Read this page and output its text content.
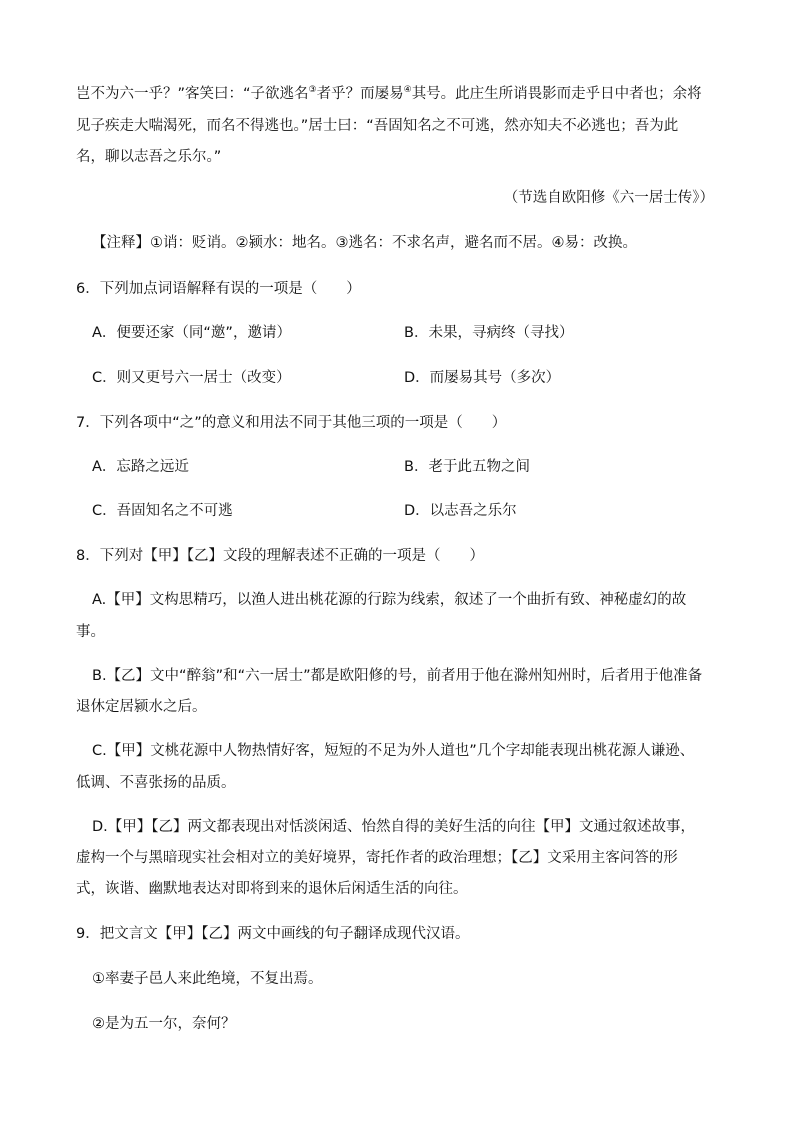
岂不为六一乎？”客笑曰：“子欲逃名③者乎？而屡易④其号。此庄生所诮畏影而走乎日中者也；余将
见子疾走大喘渴死，而名不得逃也。”居士曰：“吾固知名之不可逃，然亦知夫不必逃也；吾为此
名，聊以志吾之乐尔。”
（节选自欧阳修《六一居士传》）
【注释】①诮：贬诮。②颍水：地名。③逃名：不求名声，避名而不居。④易：改换。
6．下列加点词语解释有误的一项是（　　）
A．便要还家（同“邀”，邀请）	B．未果，寻病终（寻找）
C．则又更号六一居士（改变）	D．而屡易其号（多次）
7．下列各项中“之”的意义和用法不同于其他三项的一项是（　　）
A．忘路之远近	B．老于此五物之间
C．吾固知名之不可逃	D．以志吾之乐尔
8．下列对【甲】【乙】文段的理解表述不正确的一项是（　　）
A.【甲】文构思精巧，以渔人进出桃花源的行踪为线索，叙述了一个曲折有致、神秘虚幻的故
事。
B.【乙】文中“醉翁”和“六一居士”都是欧阳修的号，前者用于他在滁州知州时，后者用于他准备
退休定居颍水之后。
C.【甲】文桃花源中人物热情好客，短短的不足为外人道也”几个字却能表现出桃花源人谦逊、
低调、不喜张扬的品质。
D.【甲】【乙】两文都表现出对恬淡闲适、怡然自得的美好生活的向往【甲】文通过叙述故事，
虚构一个与黑暗现实社会相对立的美好境界，寄托作者的政治理想；【乙】文采用主客问答的形
式，诙谐、幽默地表达对即将到来的退休后闲适生活的向往。
9．把文言文【甲】【乙】两文中画线的句子翻译成现代汉语。
①率妻子邑人来此绝境，不复出焉。
②是为五一尔，奈何？
